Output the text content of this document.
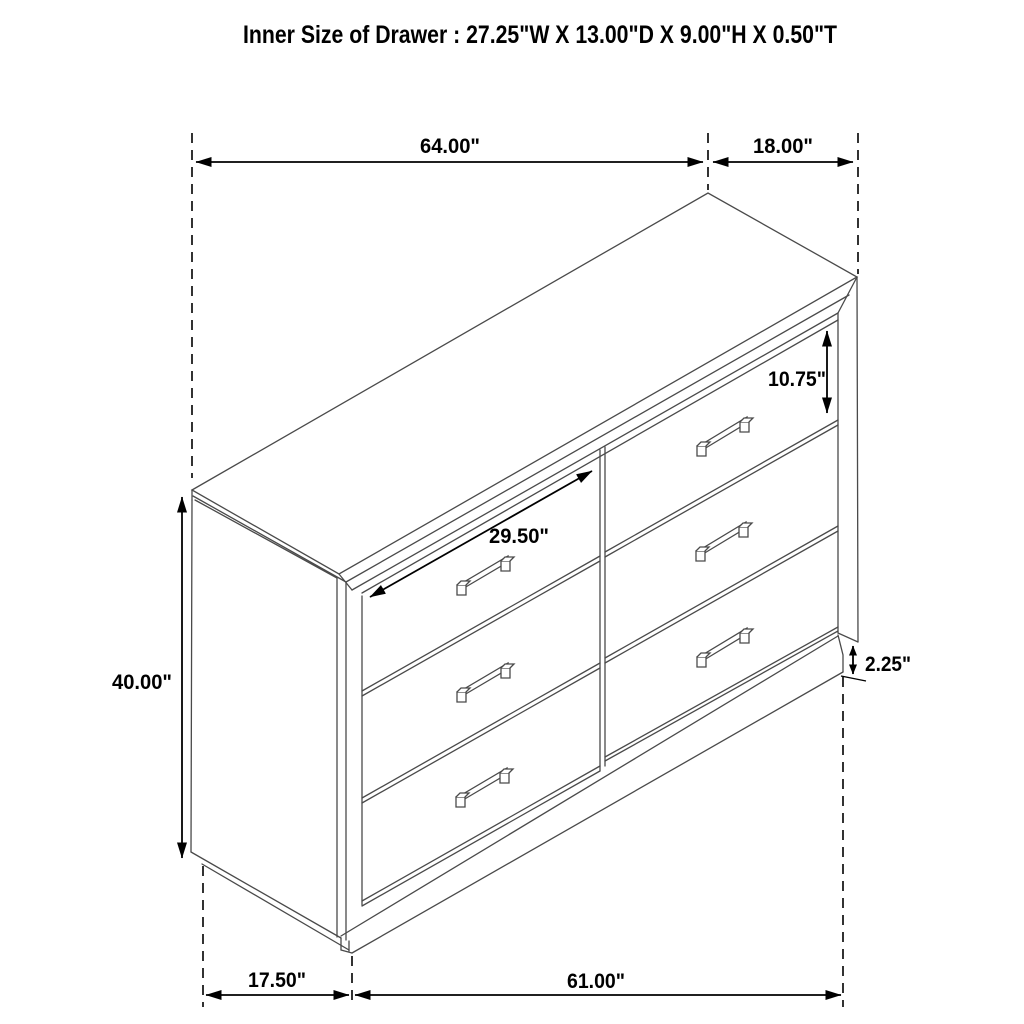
Inner Size of Drawer : 27.25"W X 13.00"D X 9.00"H X 0.50"T
64.00"	18.00"
40.00"
10.75"
29.50"
2.25"
17.50"	61.00"
